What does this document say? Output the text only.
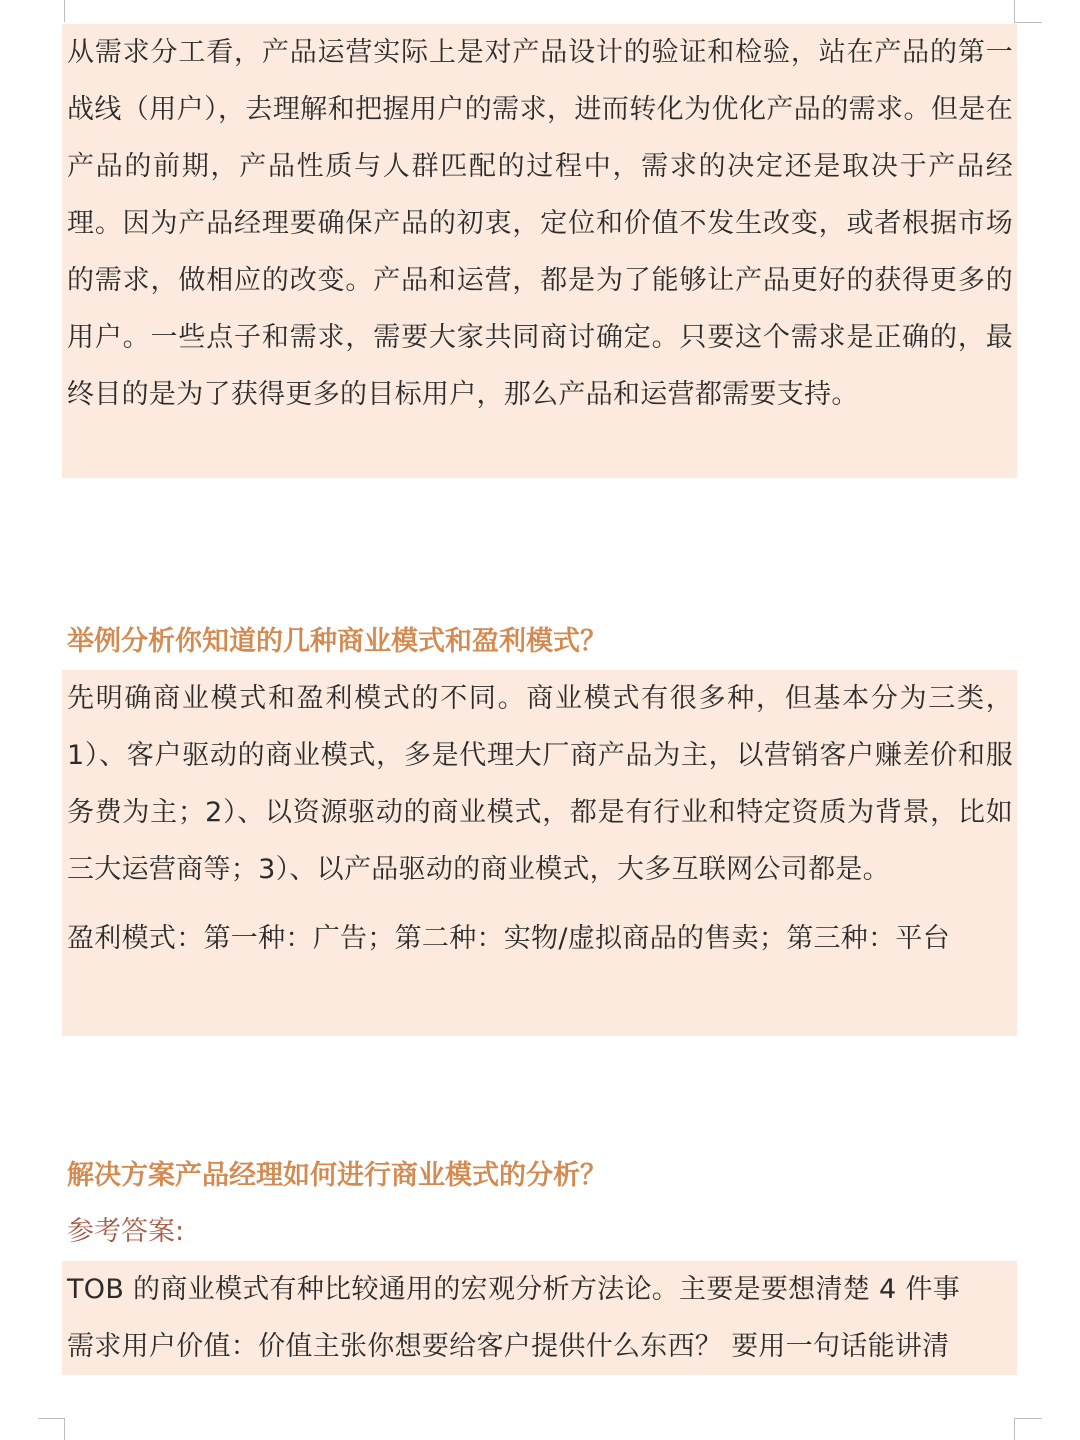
从需求分工看，产品运营实际上是对产品设计的验证和检验，站在产品的第一战线（用户），去理解和把握用户的需求，进而转化为优化产品的需求。但是在产品的前期，产品性质与人群匹配的过程中，需求的决定还是取决于产品经理。因为产品经理要确保产品的初衷，定位和价值不发生改变，或者根据市场的需求，做相应的改变。产品和运营，都是为了能够让产品更好的获得更多的用户。一些点子和需求，需要大家共同商讨确定。只要这个需求是正确的，最终目的是为了获得更多的目标用户，那么产品和运营都需要支持。

举例分析你知道的几种商业模式和盈利模式？

先明确商业模式和盈利模式的不同。商业模式有很多种，但基本分为三类，1）、客户驱动的商业模式，多是代理大厂商产品为主，以营销客户赚差价和服务费为主；2）、以资源驱动的商业模式，都是有行业和特定资质为背景，比如三大运营商等；3）、以产品驱动的商业模式，大多互联网公司都是。

盈利模式：第一种：广告；第二种：实物/虚拟商品的售卖；第三种：平台

解决方案产品经理如何进行商业模式的分析？

参考答案:

TOB 的商业模式有种比较通用的宏观分析方法论。主要是要想清楚 4 件事

需求用户价值：价值主张你想要给客户提供什么东西？ 要用一句话能讲清
